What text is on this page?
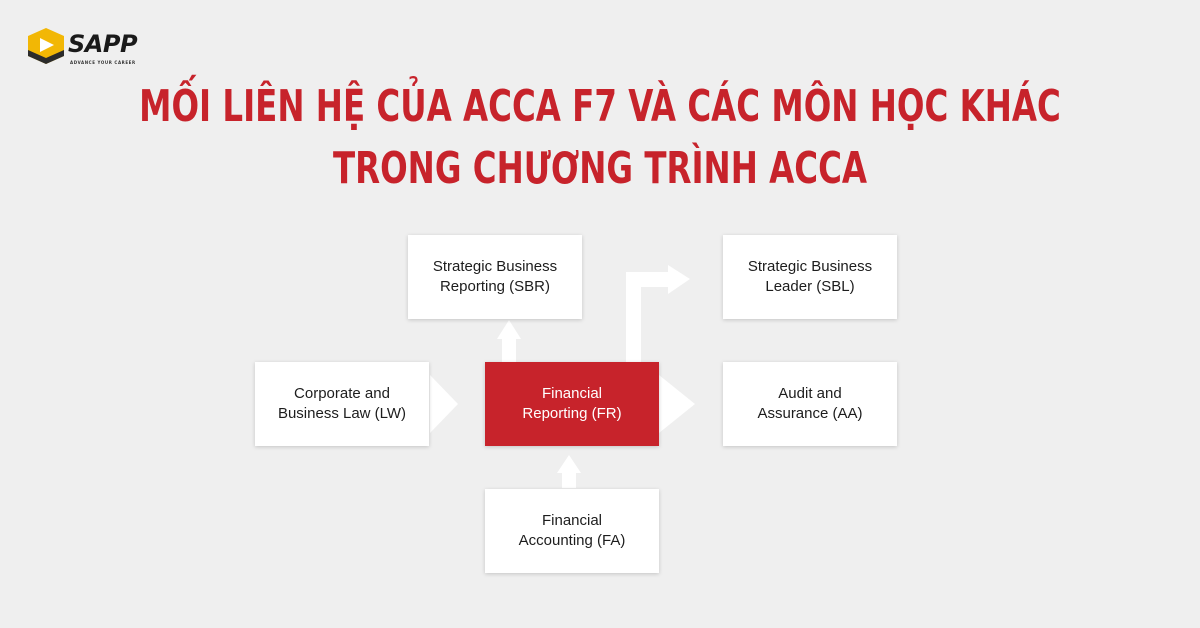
SAPP
ADVANCE YOUR CAREER
MỐI LIÊN HỆ CỦA ACCA F7 VÀ CÁC MÔN HỌC KHÁC
TRONG CHƯƠNG TRÌNH ACCA
Strategic Business
Reporting (SBR)
Strategic Business
Leader (SBL)
Corporate and
Business Law (LW)
Financial
Reporting (FR)
Audit and
Assurance (AA)
Financial
Accounting (FA)
